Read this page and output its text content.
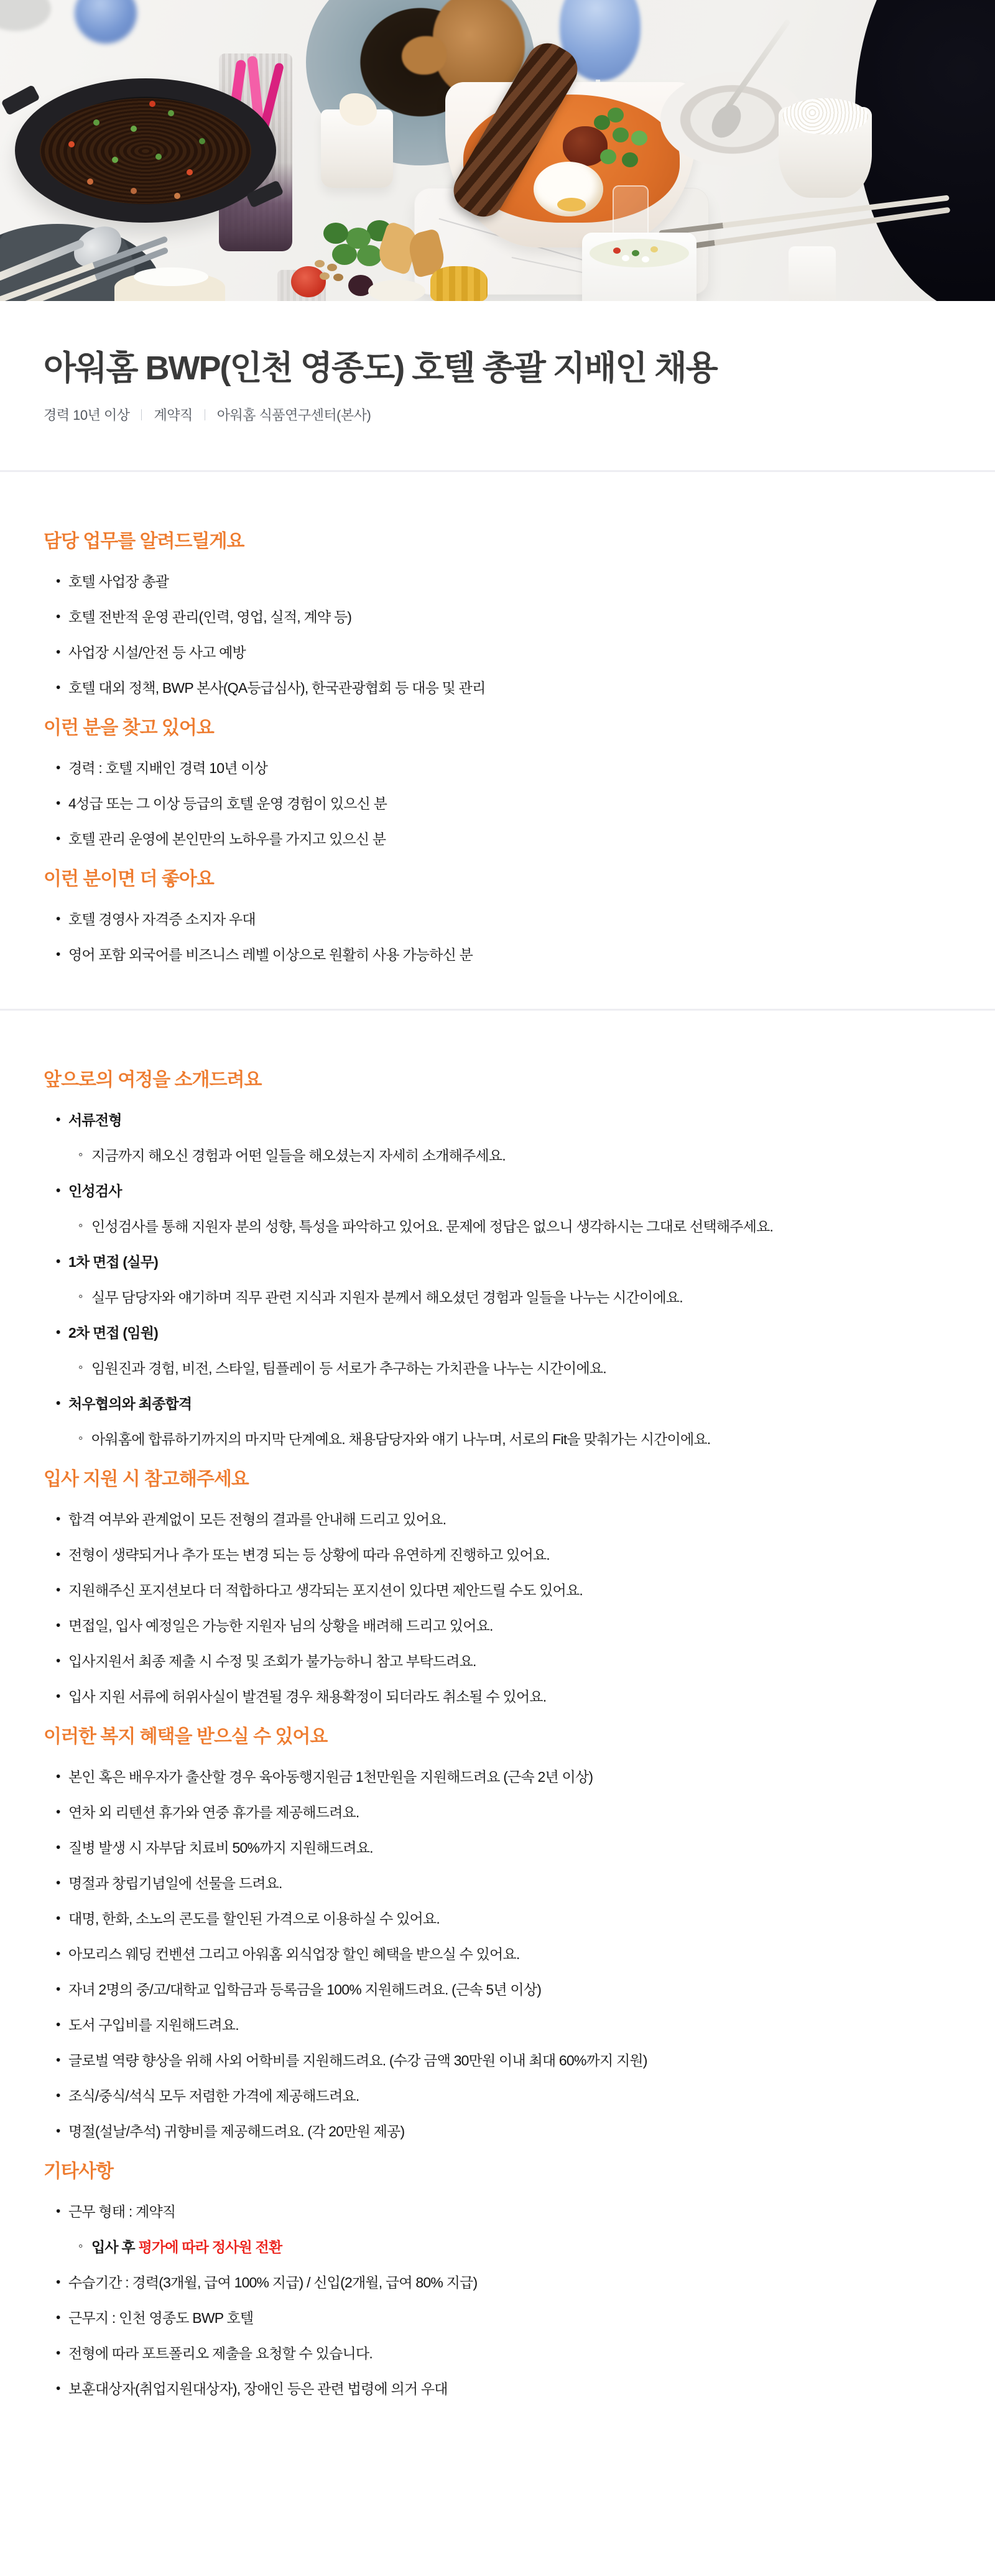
아워홈 BWP(인천 영종도) 호텔 총괄 지배인 채용
경력 10년 이상 계약직 아워홈 식품연구센터(본사)
담당 업무를 알려드릴게요
• 호텔 사업장 총괄
• 호텔 전반적 운영 관리(인력, 영업, 실적, 계약 등)
• 사업장 시설/안전 등 사고 예방
• 호텔 대외 정책, BWP 본사(QA등급심사), 한국관광협회 등 대응 및 관리
이런 분을 찾고 있어요
• 경력 : 호텔 지배인 경력 10년 이상
• 4성급 또는 그 이상 등급의 호텔 운영 경험이 있으신 분
• 호텔 관리 운영에 본인만의 노하우를 가지고 있으신 분
이런 분이면 더 좋아요
• 호텔 경영사 자격증 소지자 우대
• 영어 포함 외국어를 비즈니스 레벨 이상으로 원활히 사용 가능하신 분
앞으로의 여정을 소개드려요
• 서류전형
◦ 지금까지 해오신 경험과 어떤 일들을 해오셨는지 자세히 소개해주세요.
• 인성검사
◦ 인성검사를 통해 지원자 분의 성향, 특성을 파악하고 있어요. 문제에 정답은 없으니 생각하시는 그대로 선택해주세요.
• 1차 면접 (실무)
◦ 실무 담당자와 얘기하며 직무 관련 지식과 지원자 분께서 해오셨던 경험과 일들을 나누는 시간이에요.
• 2차 면접 (임원)
◦ 임원진과 경험, 비전, 스타일, 팀플레이 등 서로가 추구하는 가치관을 나누는 시간이에요.
• 처우협의와 최종합격
◦ 아워홈에 합류하기까지의 마지막 단계예요. 채용담당자와 얘기 나누며, 서로의 Fit을 맞춰가는 시간이에요.
입사 지원 시 참고해주세요
• 합격 여부와 관계없이 모든 전형의 결과를 안내해 드리고 있어요.
• 전형이 생략되거나 추가 또는 변경 되는 등 상황에 따라 유연하게 진행하고 있어요.
• 지원해주신 포지션보다 더 적합하다고 생각되는 포지션이 있다면 제안드릴 수도 있어요.
• 면접일, 입사 예정일은 가능한 지원자 님의 상황을 배려해 드리고 있어요.
• 입사지원서 최종 제출 시 수정 및 조회가 불가능하니 참고 부탁드려요.
• 입사 지원 서류에 허위사실이 발견될 경우 채용확정이 되더라도 취소될 수 있어요.
이러한 복지 혜택을 받으실 수 있어요
• 본인 혹은 배우자가 출산할 경우 육아동행지원금 1천만원을 지원해드려요 (근속 2년 이상)
• 연차 외 리텐션 휴가와 연중 휴가를 제공해드려요.
• 질병 발생 시 자부담 치료비 50%까지 지원해드려요.
• 명절과 창립기념일에 선물을 드려요.
• 대명, 한화, 소노의 콘도를 할인된 가격으로 이용하실 수 있어요.
• 아모리스 웨딩 컨벤션 그리고 아워홈 외식업장 할인 혜택을 받으실 수 있어요.
• 자녀 2명의 중/고/대학교 입학금과 등록금을 100% 지원해드려요. (근속 5년 이상)
• 도서 구입비를 지원해드려요.
• 글로벌 역량 향상을 위해 사외 어학비를 지원해드려요. (수강 금액 30만원 이내 최대 60%까지 지원)
• 조식/중식/석식 모두 저렴한 가격에 제공해드려요.
• 명절(설날/추석) 귀향비를 제공해드려요. (각 20만원 제공)
기타사항
• 근무 형태 : 계약직
◦ 입사 후 평가에 따라 정사원 전환
• 수습기간 : 경력(3개월, 급여 100% 지급) / 신입(2개월, 급여 80% 지급)
• 근무지 : 인천 영종도 BWP 호텔
• 전형에 따라 포트폴리오 제출을 요청할 수 있습니다.
• 보훈대상자(취업지원대상자), 장애인 등은 관련 법령에 의거 우대
